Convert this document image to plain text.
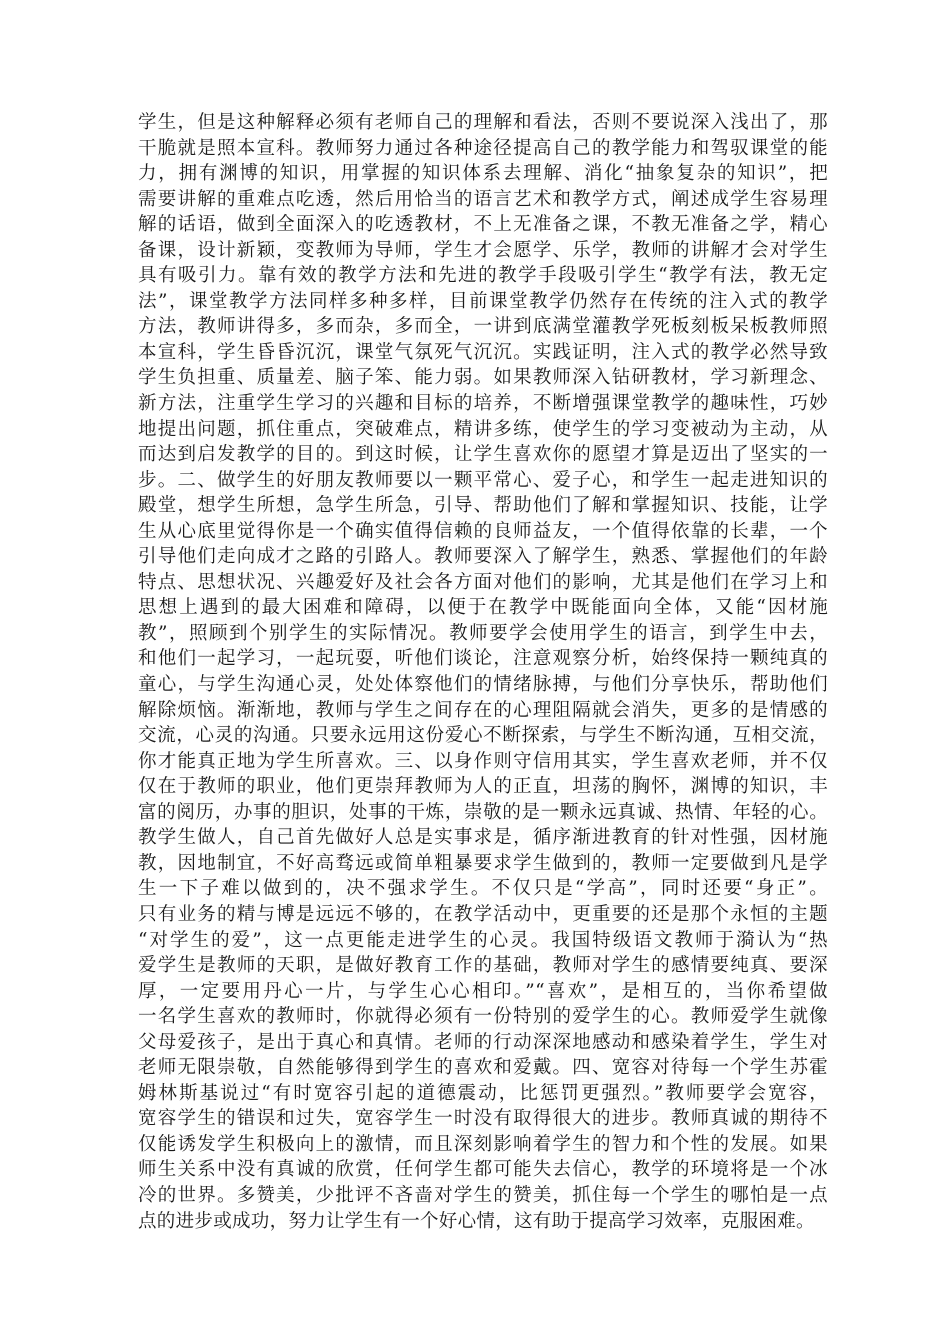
学生，但是这种解释必须有老师自己的理解和看法，否则不要说深入浅出了，那
干脆就是照本宣科。教师努力通过各种途径提高自己的教学能力和驾驭课堂的能
力，拥有渊博的知识，用掌握的知识体系去理解、消化“抽象复杂的知识”，把
需要讲解的重难点吃透，然后用恰当的语言艺术和教学方式，阐述成学生容易理
解的话语，做到全面深入的吃透教材，不上无准备之课，不教无准备之学，精心
备课，设计新颖，变教师为导师，学生才会愿学、乐学，教师的讲解才会对学生
具有吸引力。靠有效的教学方法和先进的教学手段吸引学生“教学有法，教无定
法”，课堂教学方法同样多种多样，目前课堂教学仍然存在传统的注入式的教学
方法，教师讲得多，多而杂，多而全，一讲到底满堂灌教学死板刻板呆板教师照
本宣科，学生昏昏沉沉，课堂气氛死气沉沉。实践证明，注入式的教学必然导致
学生负担重、质量差、脑子笨、能力弱。如果教师深入钻研教材，学习新理念、
新方法，注重学生学习的兴趣和目标的培养，不断增强课堂教学的趣味性，巧妙
地提出问题，抓住重点，突破难点，精讲多练，使学生的学习变被动为主动，从
而达到启发教学的目的。到这时候，让学生喜欢你的愿望才算是迈出了坚实的一
步。二、做学生的好朋友教师要以一颗平常心、爱子心，和学生一起走进知识的
殿堂，想学生所想，急学生所急，引导、帮助他们了解和掌握知识、技能，让学
生从心底里觉得你是一个确实值得信赖的良师益友，一个值得依靠的长辈，一个
引导他们走向成才之路的引路人。教师要深入了解学生，熟悉、掌握他们的年龄
特点、思想状况、兴趣爱好及社会各方面对他们的影响，尤其是他们在学习上和
思想上遇到的最大困难和障碍，以便于在教学中既能面向全体，又能“因材施
教”，照顾到个别学生的实际情况。教师要学会使用学生的语言，到学生中去，
和他们一起学习，一起玩耍，听他们谈论，注意观察分析，始终保持一颗纯真的
童心，与学生沟通心灵，处处体察他们的情绪脉搏，与他们分享快乐，帮助他们
解除烦恼。渐渐地，教师与学生之间存在的心理阻隔就会消失，更多的是情感的
交流，心灵的沟通。只要永远用这份爱心不断探索，与学生不断沟通，互相交流，
你才能真正地为学生所喜欢。三、以身作则守信用其实，学生喜欢老师，并不仅
仅在于教师的职业，他们更崇拜教师为人的正直，坦荡的胸怀，渊博的知识，丰
富的阅历，办事的胆识，处事的干炼，崇敬的是一颗永远真诚、热情、年轻的心。
教学生做人，自己首先做好人总是实事求是，循序渐进教育的针对性强，因材施
教，因地制宜，不好高骛远或简单粗暴要求学生做到的，教师一定要做到凡是学
生一下子难以做到的，决不强求学生。不仅只是“学高”，同时还要“身正”。
只有业务的精与博是远远不够的，在教学活动中，更重要的还是那个永恒的主题
“对学生的爱”，这一点更能走进学生的心灵。我国特级语文教师于漪认为“热
爱学生是教师的天职，是做好教育工作的基础，教师对学生的感情要纯真、要深
厚，一定要用丹心一片，与学生心心相印。”“喜欢”，是相互的，当你希望做
一名学生喜欢的教师时，你就得必须有一份特别的爱学生的心。教师爱学生就像
父母爱孩子，是出于真心和真情。老师的行动深深地感动和感染着学生，学生对
老师无限崇敬，自然能够得到学生的喜欢和爱戴。四、宽容对待每一个学生苏霍
姆林斯基说过“有时宽容引起的道德震动，比惩罚更强烈。”教师要学会宽容，
宽容学生的错误和过失，宽容学生一时没有取得很大的进步。教师真诚的期待不
仅能诱发学生积极向上的激情，而且深刻影响着学生的智力和个性的发展。如果
师生关系中没有真诚的欣赏，任何学生都可能失去信心，教学的环境将是一个冰
冷的世界。多赞美，少批评不吝啬对学生的赞美，抓住每一个学生的哪怕是一点
点的进步或成功，努力让学生有一个好心情，这有助于提高学习效率，克服困难。
